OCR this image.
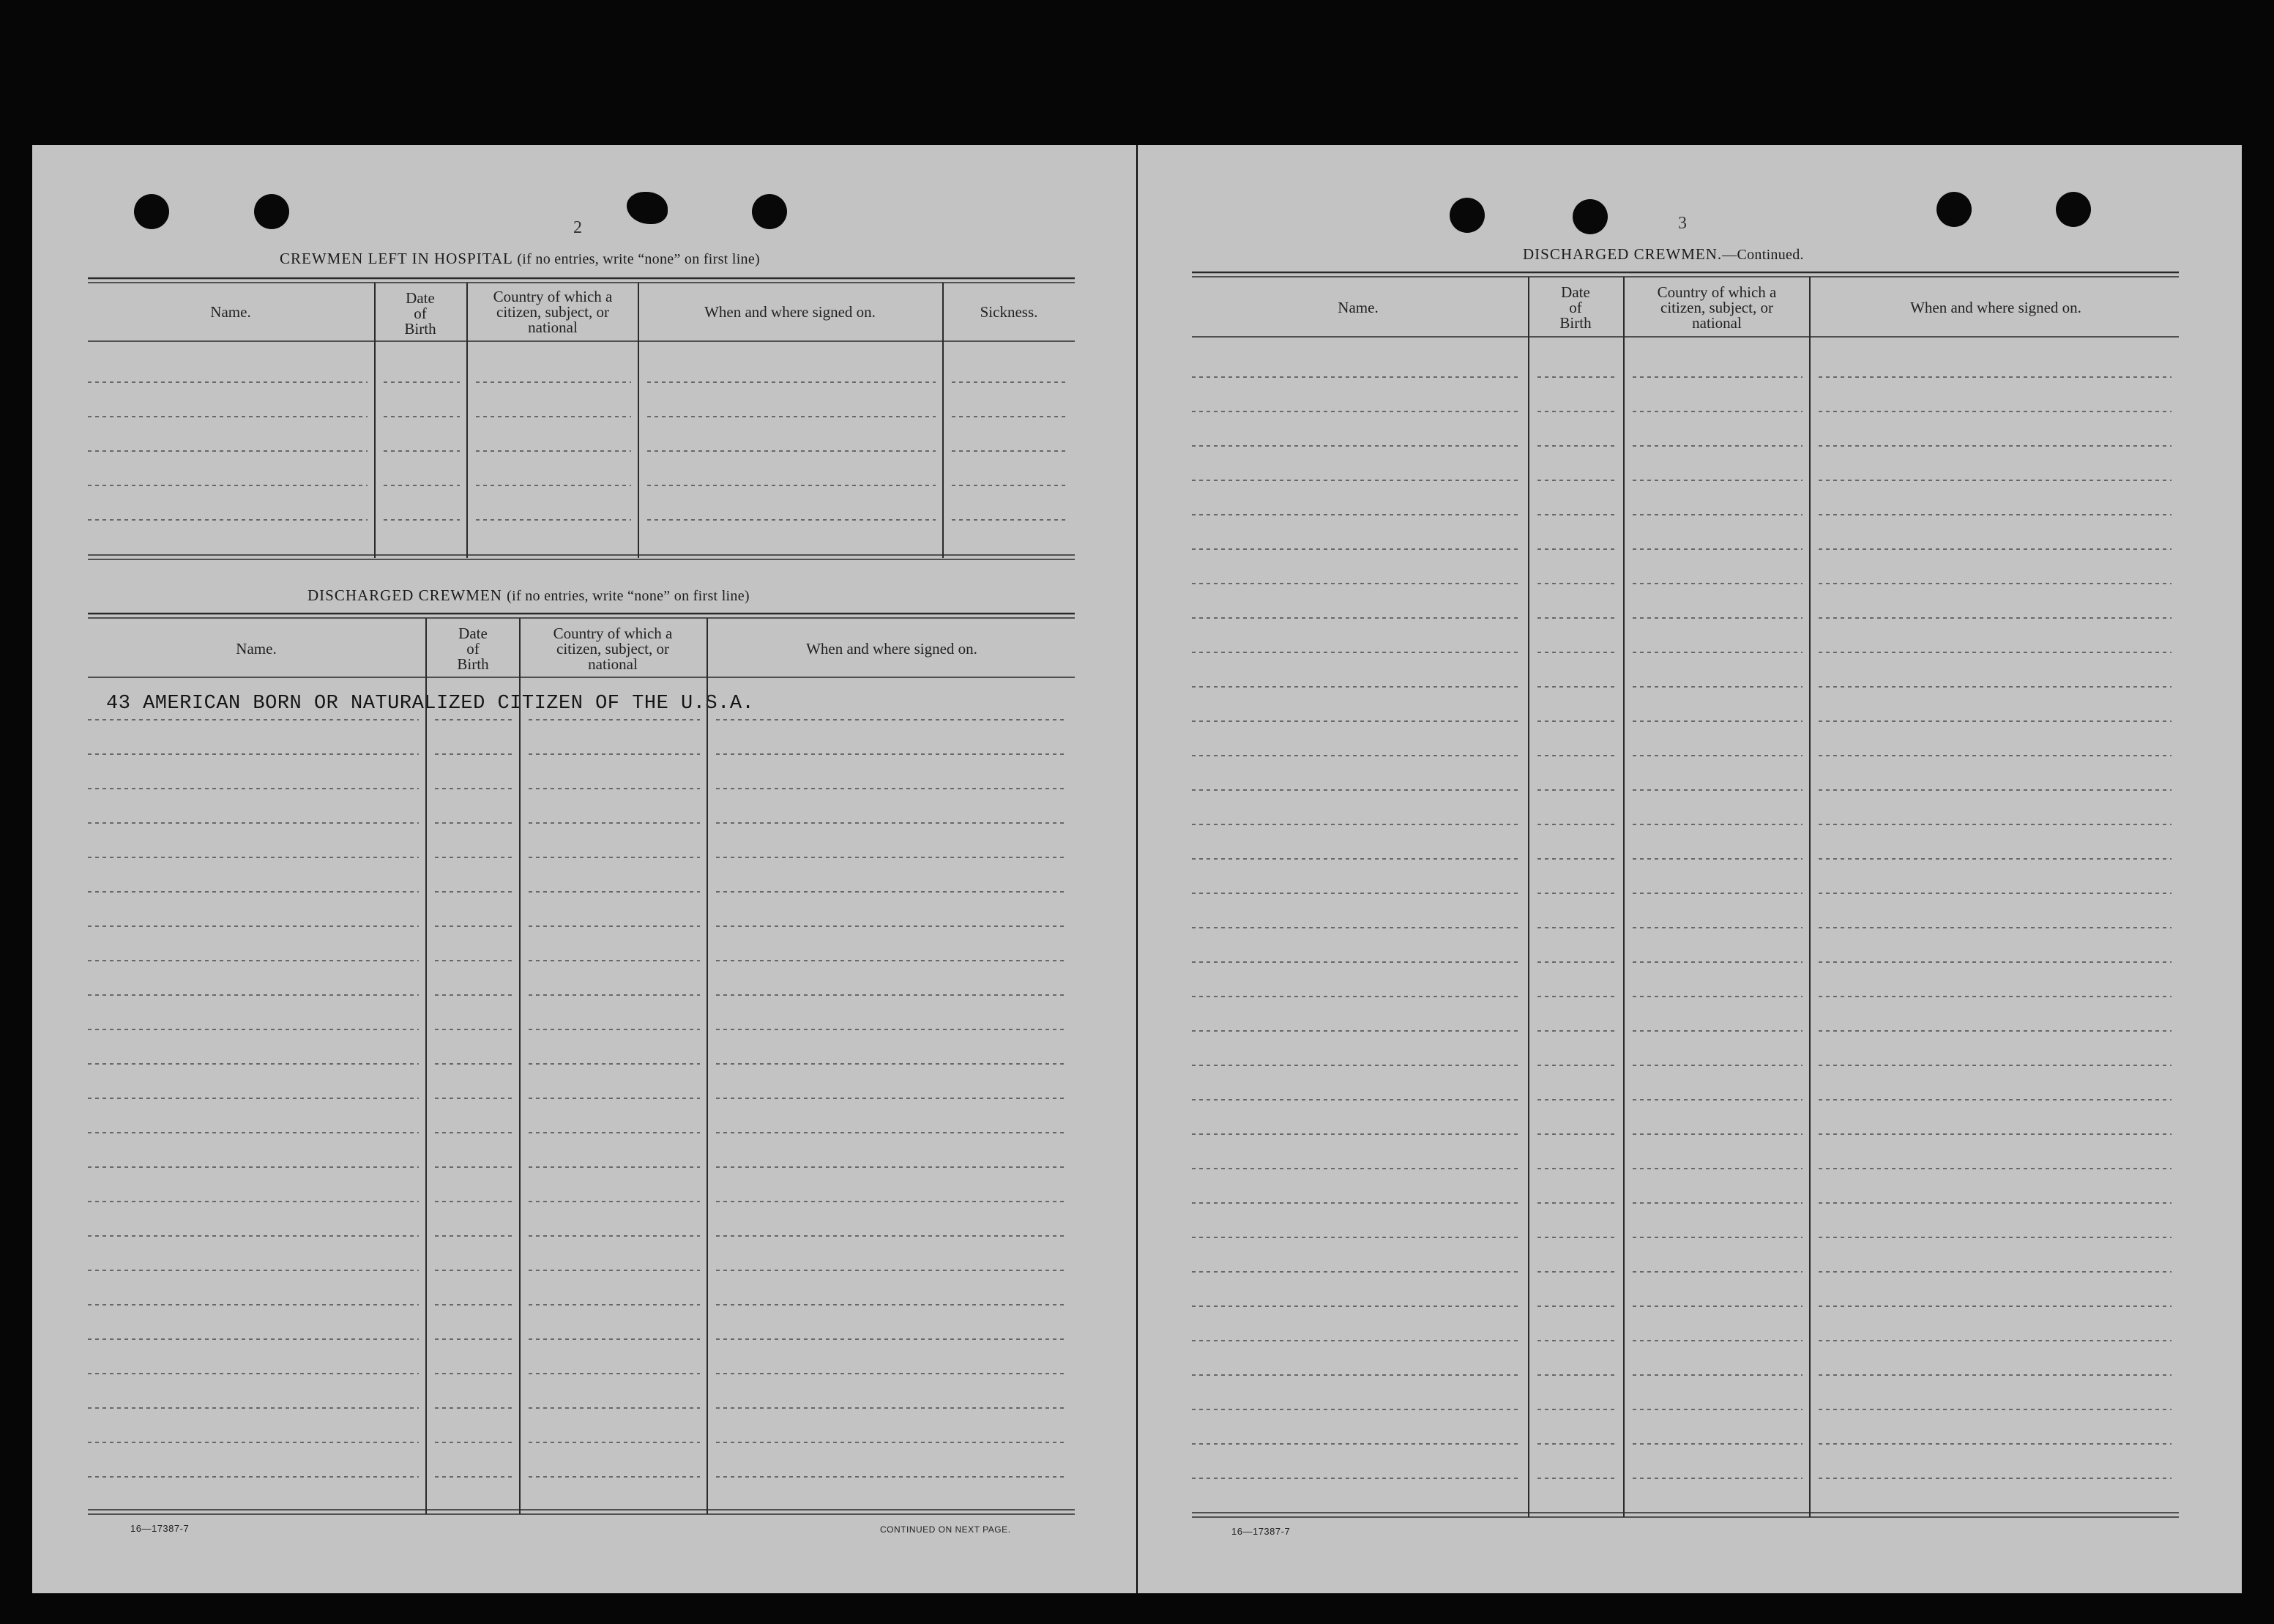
2
CREWMEN LEFT IN HOSPITAL (if no entries, write “none” on first line)
Name.
Date
of
Birth
Country of which a
citizen, subject, or
national
When and where signed on.	Sickness.
DISCHARGED CREWMEN (if no entries, write “none” on first line)
Name.
Date
of
Birth
Country of which a
citizen, subject, or
national
When and where signed on.
43 AMERICAN BORN OR NATURALIZED CITIZEN OF THE U.S.A.
16—17387-7	CONTINUED ON NEXT PAGE.
3
DISCHARGED CREWMEN.—Continued.
Name.
Date
of
Birth
Country of which a
citizen, subject, or
national
When and where signed on.
16—17387-7
